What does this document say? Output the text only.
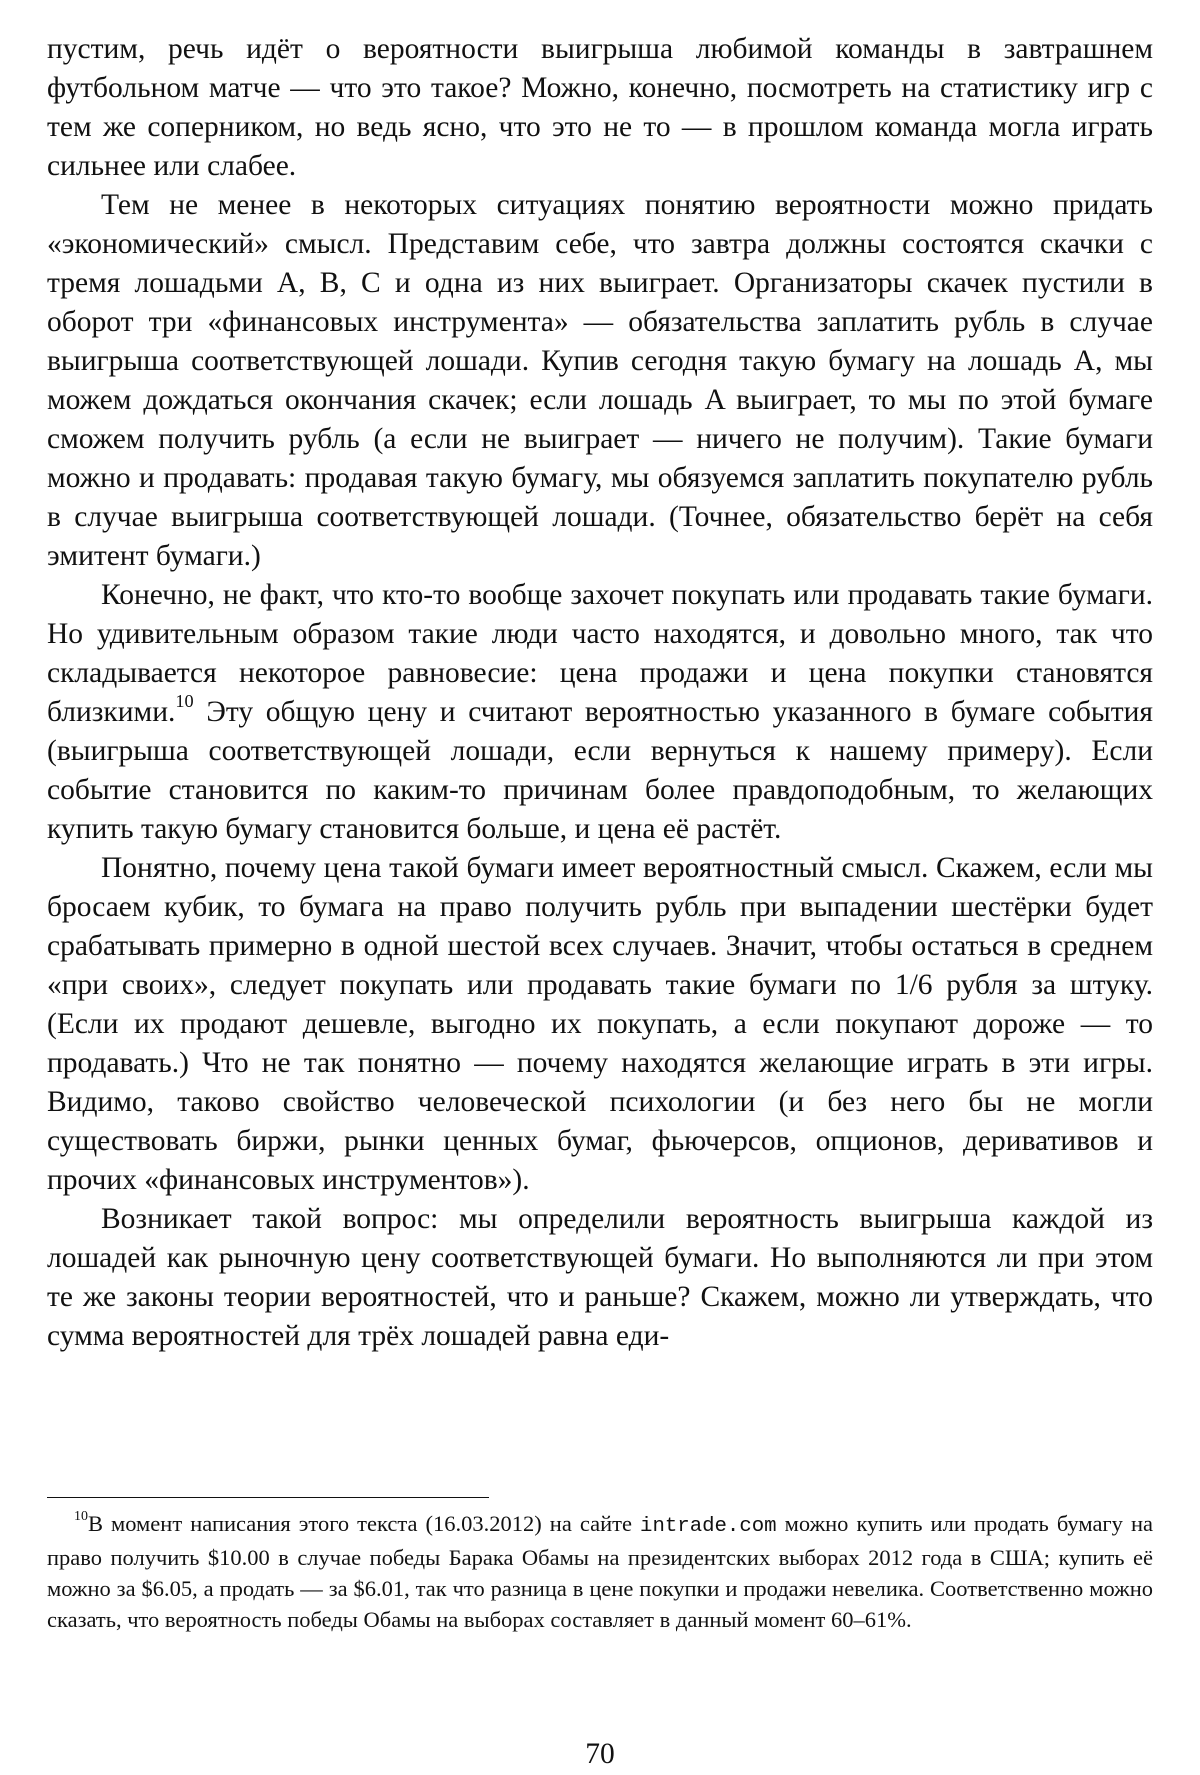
пустим, речь идёт о вероятности выигрыша любимой команды в завтрашнем футбольном матче — что это такое? Можно, конечно, посмотреть на статистику игр с тем же соперником, но ведь ясно, что это не то — в прошлом команда могла играть сильнее или слабее.

Тем не менее в некоторых ситуациях понятию вероятности можно придать «экономический» смысл. Представим себе, что завтра должны состоятся скачки с тремя лошадьми A, B, C и одна из них выиграет. Организаторы скачек пустили в оборот три «финансовых инструмента» — обязательства заплатить рубль в случае выигрыша соответствующей лошади. Купив сегодня такую бумагу на лошадь A, мы можем дождаться окончания скачек; если лошадь A выиграет, то мы по этой бумаге сможем получить рубль (а если не выиграет — ничего не получим). Такие бумаги можно и продавать: продавая такую бумагу, мы обязуемся заплатить покупателю рубль в случае выигрыша соответствующей лошади. (Точнее, обязательство берёт на себя эмитент бумаги.)

Конечно, не факт, что кто-то вообще захочет покупать или продавать такие бумаги. Но удивительным образом такие люди часто находятся, и довольно много, так что складывается некоторое равновесие: цена продажи и цена покупки становятся близкими.$^{10}$ Эту общую цену и считают вероятностью указанного в бумаге события (выигрыша соответствующей лошади, если вернуться к нашему примеру). Если событие становится по каким-то причинам более правдоподобным, то желающих купить такую бумагу становится больше, и цена её растёт.

Понятно, почему цена такой бумаги имеет вероятностный смысл. Скажем, если мы бросаем кубик, то бумага на право получить рубль при выпадении шестёрки будет срабатывать примерно в одной шестой всех случаев. Значит, чтобы остаться в среднем «при своих», следует покупать или продавать такие бумаги по 1/6 рубля за штуку. (Если их продают дешевле, выгодно их покупать, а если покупают дороже — то продавать.) Что не так понятно — почему находятся желающие играть в эти игры. Видимо, таково свойство человеческой психологии (и без него бы не могли существовать биржи, рынки ценных бумаг, фьючерсов, опционов, деривативов и прочих «финансовых инструментов»).

Возникает такой вопрос: мы определили вероятность выигрыша каждой из лошадей как рыночную цену соответствующей бумаги. Но выполняются ли при этом те же законы теории вероятностей, что и раньше? Скажем, можно ли утверждать, что сумма вероятностей для трёх лошадей равна еди-

$^{10}$В момент написания этого текста (16.03.2012) на сайте intrade.com можно купить или продать бумагу на право получить $10.00 в случае победы Барака Обамы на президентских выборах 2012 года в США; купить её можно за $6.05, а продать — за $6.01, так что разница в цене покупки и продажи невелика. Соответственно можно сказать, что вероятность победы Обамы на выборах составляет в данный момент 60–61%.

70
